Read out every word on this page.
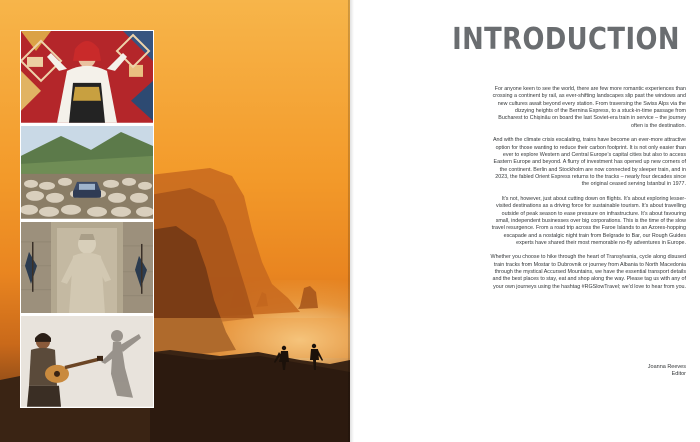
INTRODUCTION

For anyone keen to see the world, there are few more romantic experiences than crossing a continent by rail, as ever-shifting landscapes slip past the windows and new cultures await beyond every station. From traversing the Swiss Alps via the dizzying heights of the Bernina Express, to a stuck-in-time passage from Bucharest to Chișinău on board the last Soviet-era train in service – the journey often is the destination.

And with the climate crisis escalating, trains have become an ever-more attractive option for those wanting to reduce their carbon footprint. It is not only easier than ever to explore Western and Central Europe’s capital cities but also to access Eastern Europe and beyond. A flurry of investment has opened up new corners of the continent. Berlin and Stockholm are now connected by sleeper train, and in 2023, the fabled Orient Express returns to the tracks – nearly four decades since the original ceased serving Istanbul in 1977.

It’s not, however, just about cutting down on flights. It’s about exploring lesser-visited destinations as a driving force for sustainable tourism. It’s about travelling outside of peak season to ease pressure on infrastructure. It’s about favouring small, independent businesses over big corporations. This is the time of the slow travel resurgence. From a road trip across the Faroe Islands to an Azores-hopping escapade and a nostalgic night train from Belgrade to Bar, our Rough Guides experts have shared their most memorable no-fly adventures in Europe.

Whether you choose to hike through the heart of Transylvania, cycle along disused train tracks from Mostar to Dubrovnik or journey from Albania to North Macedonia through the mystical Accursed Mountains, we have the essential transport details and the best places to stay, eat and shop along the way. Please tag us with any of your own journeys using the hashtag #RGSlowTravel; we’d love to hear from you.

Joanna Reeves
Editor
